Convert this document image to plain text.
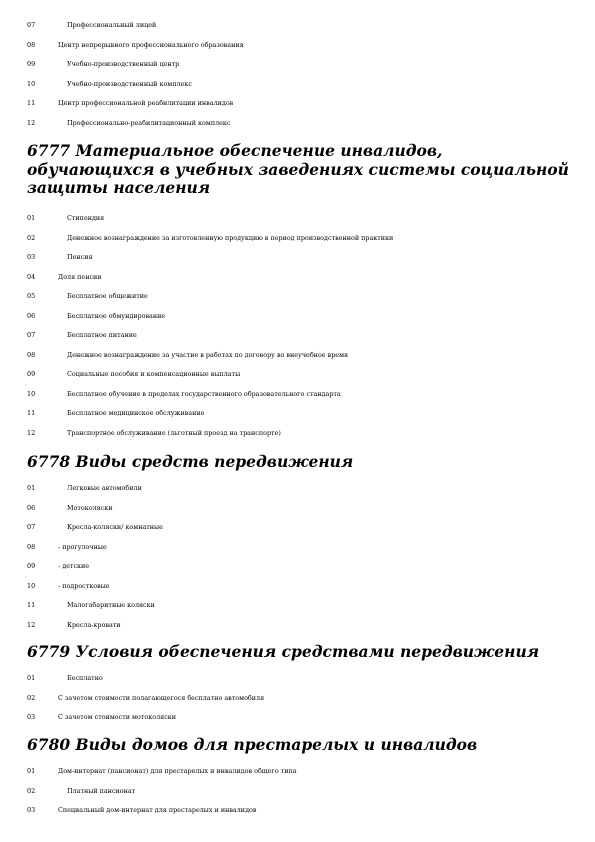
07	Профессиональный лицей
08	Центр непрерывного профессионального образования
09	Учебно-производственный центр
10	Учебно-производственный комплекс
11	Центр профессиональной реабилитации инвалидов
12	Профессионально-реабилитационный комплекс
6777 Материальное обеспечение инвалидов, обучающихся в учебных заведениях системы социальной защиты населения
01	Стипендия
02	Денежное вознаграждение за изготовленную продукцию в период производственной практики
03	Пенсия
04	Доля пенсии
05	Бесплатное общежитие
06	Бесплатное обмундирование
07	Бесплатное питание
08	Денежное вознаграждение за участие в работах по договору во внеучебное время
09	Социальные пособия и компенсационные выплаты
10	Бесплатное обучение в пределах государственного образовательного стандарта
11	Бесплатное медицинское обслуживание
12	Транспортное обслуживание (льготный проезд на транспорте)
6778 Виды средств передвижения
01	Легковые автомобили
06	Мотоколяски
07	Кресла-коляски/ комнатные
08	- прогулочные
09	- детские
10	- подростковые
11	Малогабаритные коляски
12	Кресла-кровати
6779 Условия обеспечения средствами передвижения
01	Бесплатно
02	С зачетом стоимости полагающегося бесплатно автомобиля
03	С зачетом стоимости мотоколяски
6780 Виды домов для престарелых и инвалидов
01	Дом-интернат (пансионат) для престарелых и инвалидов общего типа
02	Платный пансионат
03	Специальный дом-интернат для престарелых и инвалидов
